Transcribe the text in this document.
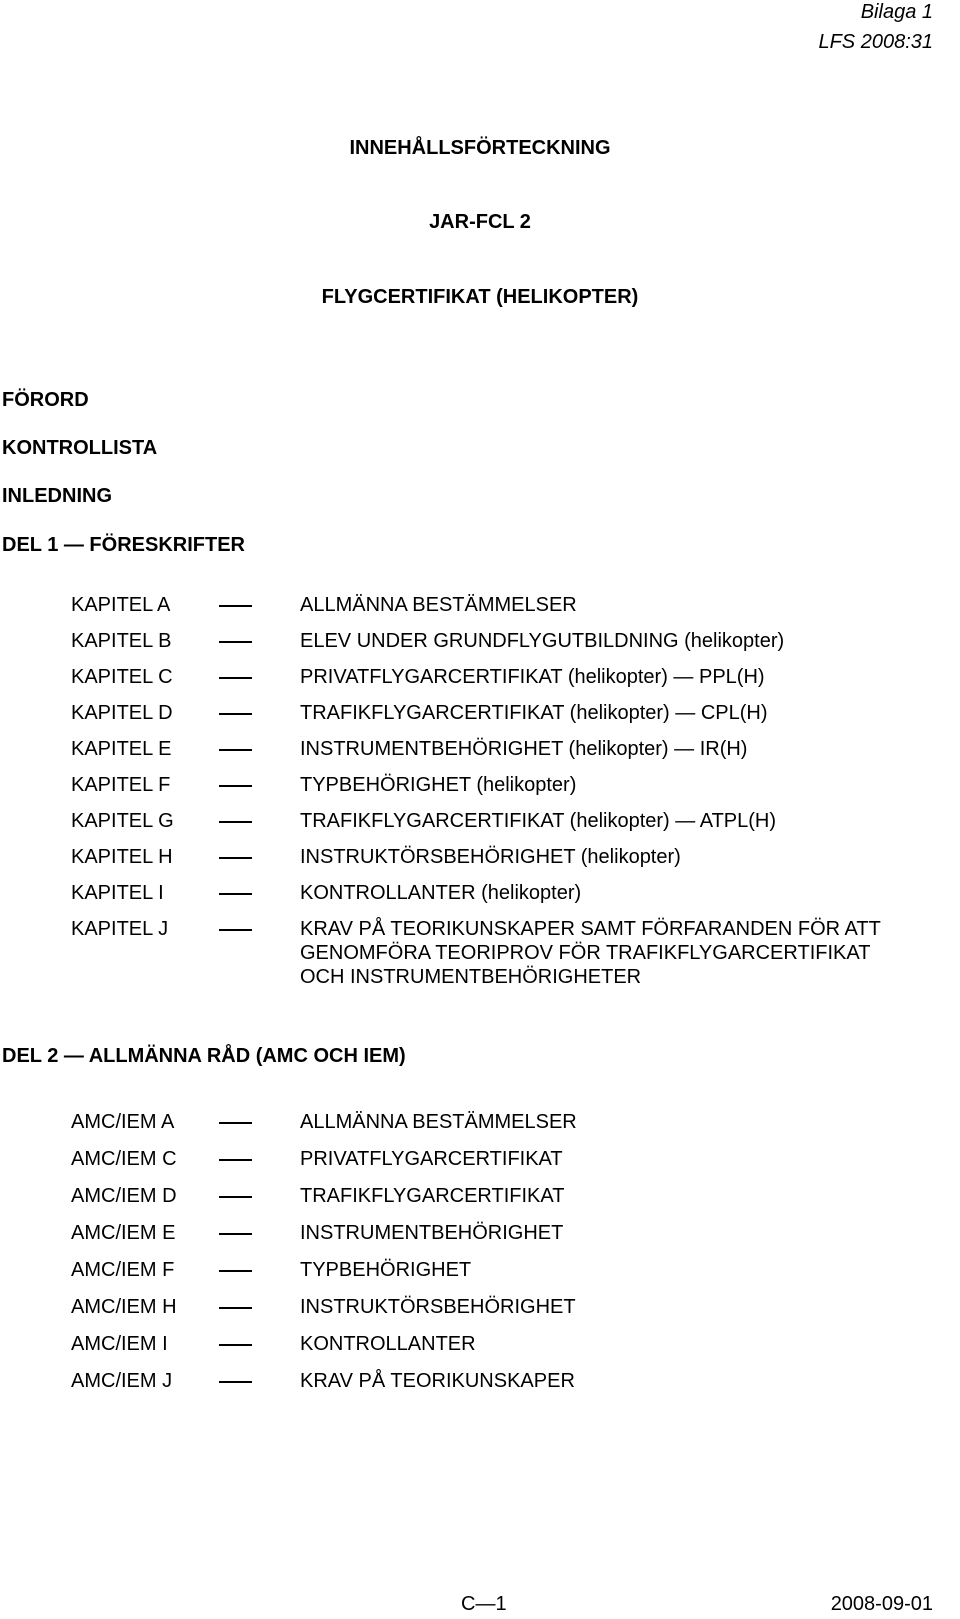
Bilaga 1
LFS 2008:31
INNEHÅLLSFÖRTECKNING
JAR-FCL 2
FLYGCERTIFIKAT (HELIKOPTER)
FÖRORD
KONTROLLISTA
INLEDNING
DEL 1 — FÖRESKRIFTER
KAPITEL A	ALLMÄNNA BESTÄMMELSER
KAPITEL B	ELEV UNDER GRUNDFLYGUTBILDNING (helikopter)
KAPITEL C	PRIVATFLYGARCERTIFIKAT (helikopter) — PPL(H)
KAPITEL D	TRAFIKFLYGARCERTIFIKAT (helikopter) — CPL(H)
KAPITEL E	INSTRUMENTBEHÖRIGHET (helikopter) — IR(H)
KAPITEL F	TYPBEHÖRIGHET (helikopter)
KAPITEL G	TRAFIKFLYGARCERTIFIKAT (helikopter) — ATPL(H)
KAPITEL H	INSTRUKTÖRSBEHÖRIGHET (helikopter)
KAPITEL I	KONTROLLANTER (helikopter)
KAPITEL J	KRAV PÅ TEORIKUNSKAPER SAMT FÖRFARANDEN FÖR ATT
GENOMFÖRA TEORIPROV FÖR TRAFIKFLYGARCERTIFIKAT
OCH INSTRUMENTBEHÖRIGHETER
DEL 2 — ALLMÄNNA RÅD (AMC OCH IEM)
AMC/IEM A	ALLMÄNNA BESTÄMMELSER
AMC/IEM C	PRIVATFLYGARCERTIFIKAT
AMC/IEM D	TRAFIKFLYGARCERTIFIKAT
AMC/IEM E	INSTRUMENTBEHÖRIGHET
AMC/IEM F	TYPBEHÖRIGHET
AMC/IEM H	INSTRUKTÖRSBEHÖRIGHET
AMC/IEM I	KONTROLLANTER
AMC/IEM J	KRAV PÅ TEORIKUNSKAPER
C—1	2008-09-01
